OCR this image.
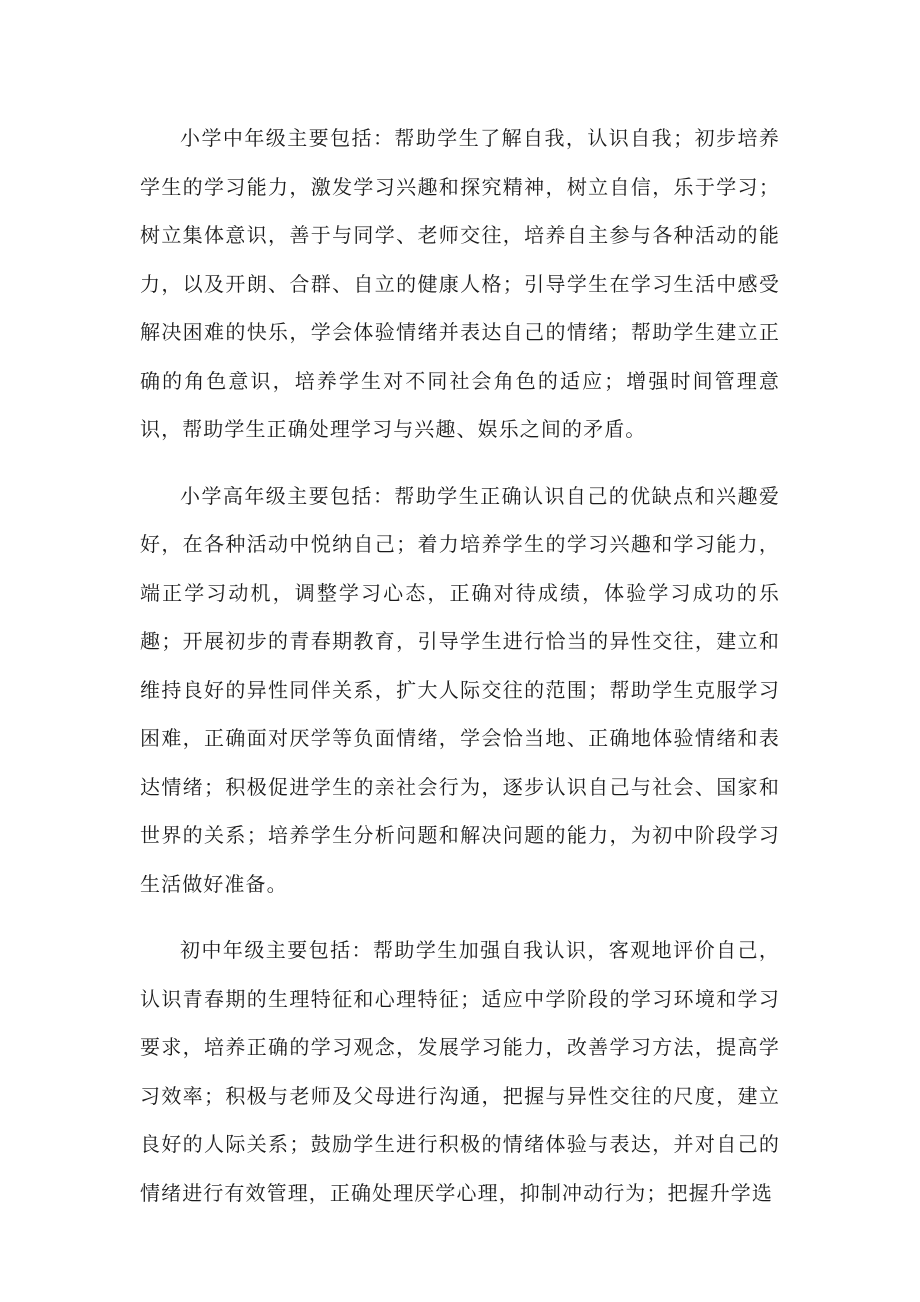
小学中年级主要包括：帮助学生了解自我，认识自我；初步培养学生的学习能力，激发学习兴趣和探究精神，树立自信，乐于学习；树立集体意识，善于与同学、老师交往，培养自主参与各种活动的能力，以及开朗、合群、自立的健康人格；引导学生在学习生活中感受解决困难的快乐，学会体验情绪并表达自己的情绪；帮助学生建立正确的角色意识，培养学生对不同社会角色的适应；增强时间管理意识，帮助学生正确处理学习与兴趣、娱乐之间的矛盾。

小学高年级主要包括：帮助学生正确认识自己的优缺点和兴趣爱好，在各种活动中悦纳自己；着力培养学生的学习兴趣和学习能力，端正学习动机，调整学习心态，正确对待成绩，体验学习成功的乐趣；开展初步的青春期教育，引导学生进行恰当的异性交往，建立和维持良好的异性同伴关系，扩大人际交往的范围；帮助学生克服学习困难，正确面对厌学等负面情绪，学会恰当地、正确地体验情绪和表达情绪；积极促进学生的亲社会行为，逐步认识自己与社会、国家和世界的关系；培养学生分析问题和解决问题的能力，为初中阶段学习生活做好准备。

初中年级主要包括：帮助学生加强自我认识，客观地评价自己，认识青春期的生理特征和心理特征；适应中学阶段的学习环境和学习要求，培养正确的学习观念，发展学习能力，改善学习方法，提高学习效率；积极与老师及父母进行沟通，把握与异性交往的尺度，建立良好的人际关系；鼓励学生进行积极的情绪体验与表达，并对自己的情绪进行有效管理，正确处理厌学心理，抑制冲动行为；把握升学选
